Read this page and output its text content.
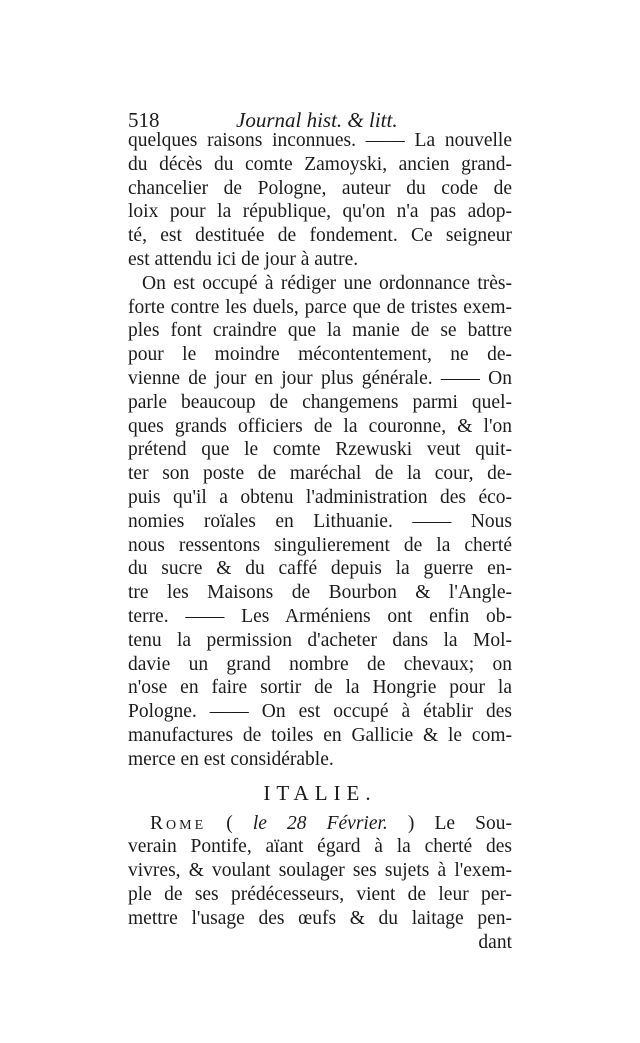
518	Journal hist. & litt.
quelques raisons inconnues. —— La nouvelle
du décès du comte Zamoyski, ancien grand-
chancelier de Pologne, auteur du code de
loix pour la république, qu'on n'a pas adop-
té, est destituée de fondement. Ce seigneur
est attendu ici de jour à autre.
On est occupé à rédiger une ordonnance très-
forte contre les duels, parce que de tristes exem-
ples font craindre que la manie de se battre
pour le moindre mécontentement, ne de-
vienne de jour en jour plus générale. —— On
parle beaucoup de changemens parmi quel-
ques grands officiers de la couronne, & l'on
prétend que le comte Rzewuski veut quit-
ter son poste de maréchal de la cour, de-
puis qu'il a obtenu l'administration des éco-
nomies roïales en Lithuanie. —— Nous
nous ressentons singulierement de la cherté
du sucre & du caffé depuis la guerre en-
tre les Maisons de Bourbon & l'Angle-
terre. —— Les Arméniens ont enfin ob-
tenu la permission d'acheter dans la Mol-
davie un grand nombre de chevaux; on
n'ose en faire sortir de la Hongrie pour la
Pologne. —— On est occupé à établir des
manufactures de toiles en Gallicie & le com-
merce en est considérable.
ITALIE.
Rome ( le 28 Février. ) Le Sou-
verain Pontife, aïant égard à la cherté des
vivres, & voulant soulager ses sujets à l'exem-
ple de ses prédécesseurs, vient de leur per-
mettre l'usage des œufs & du laitage pen-
dant
